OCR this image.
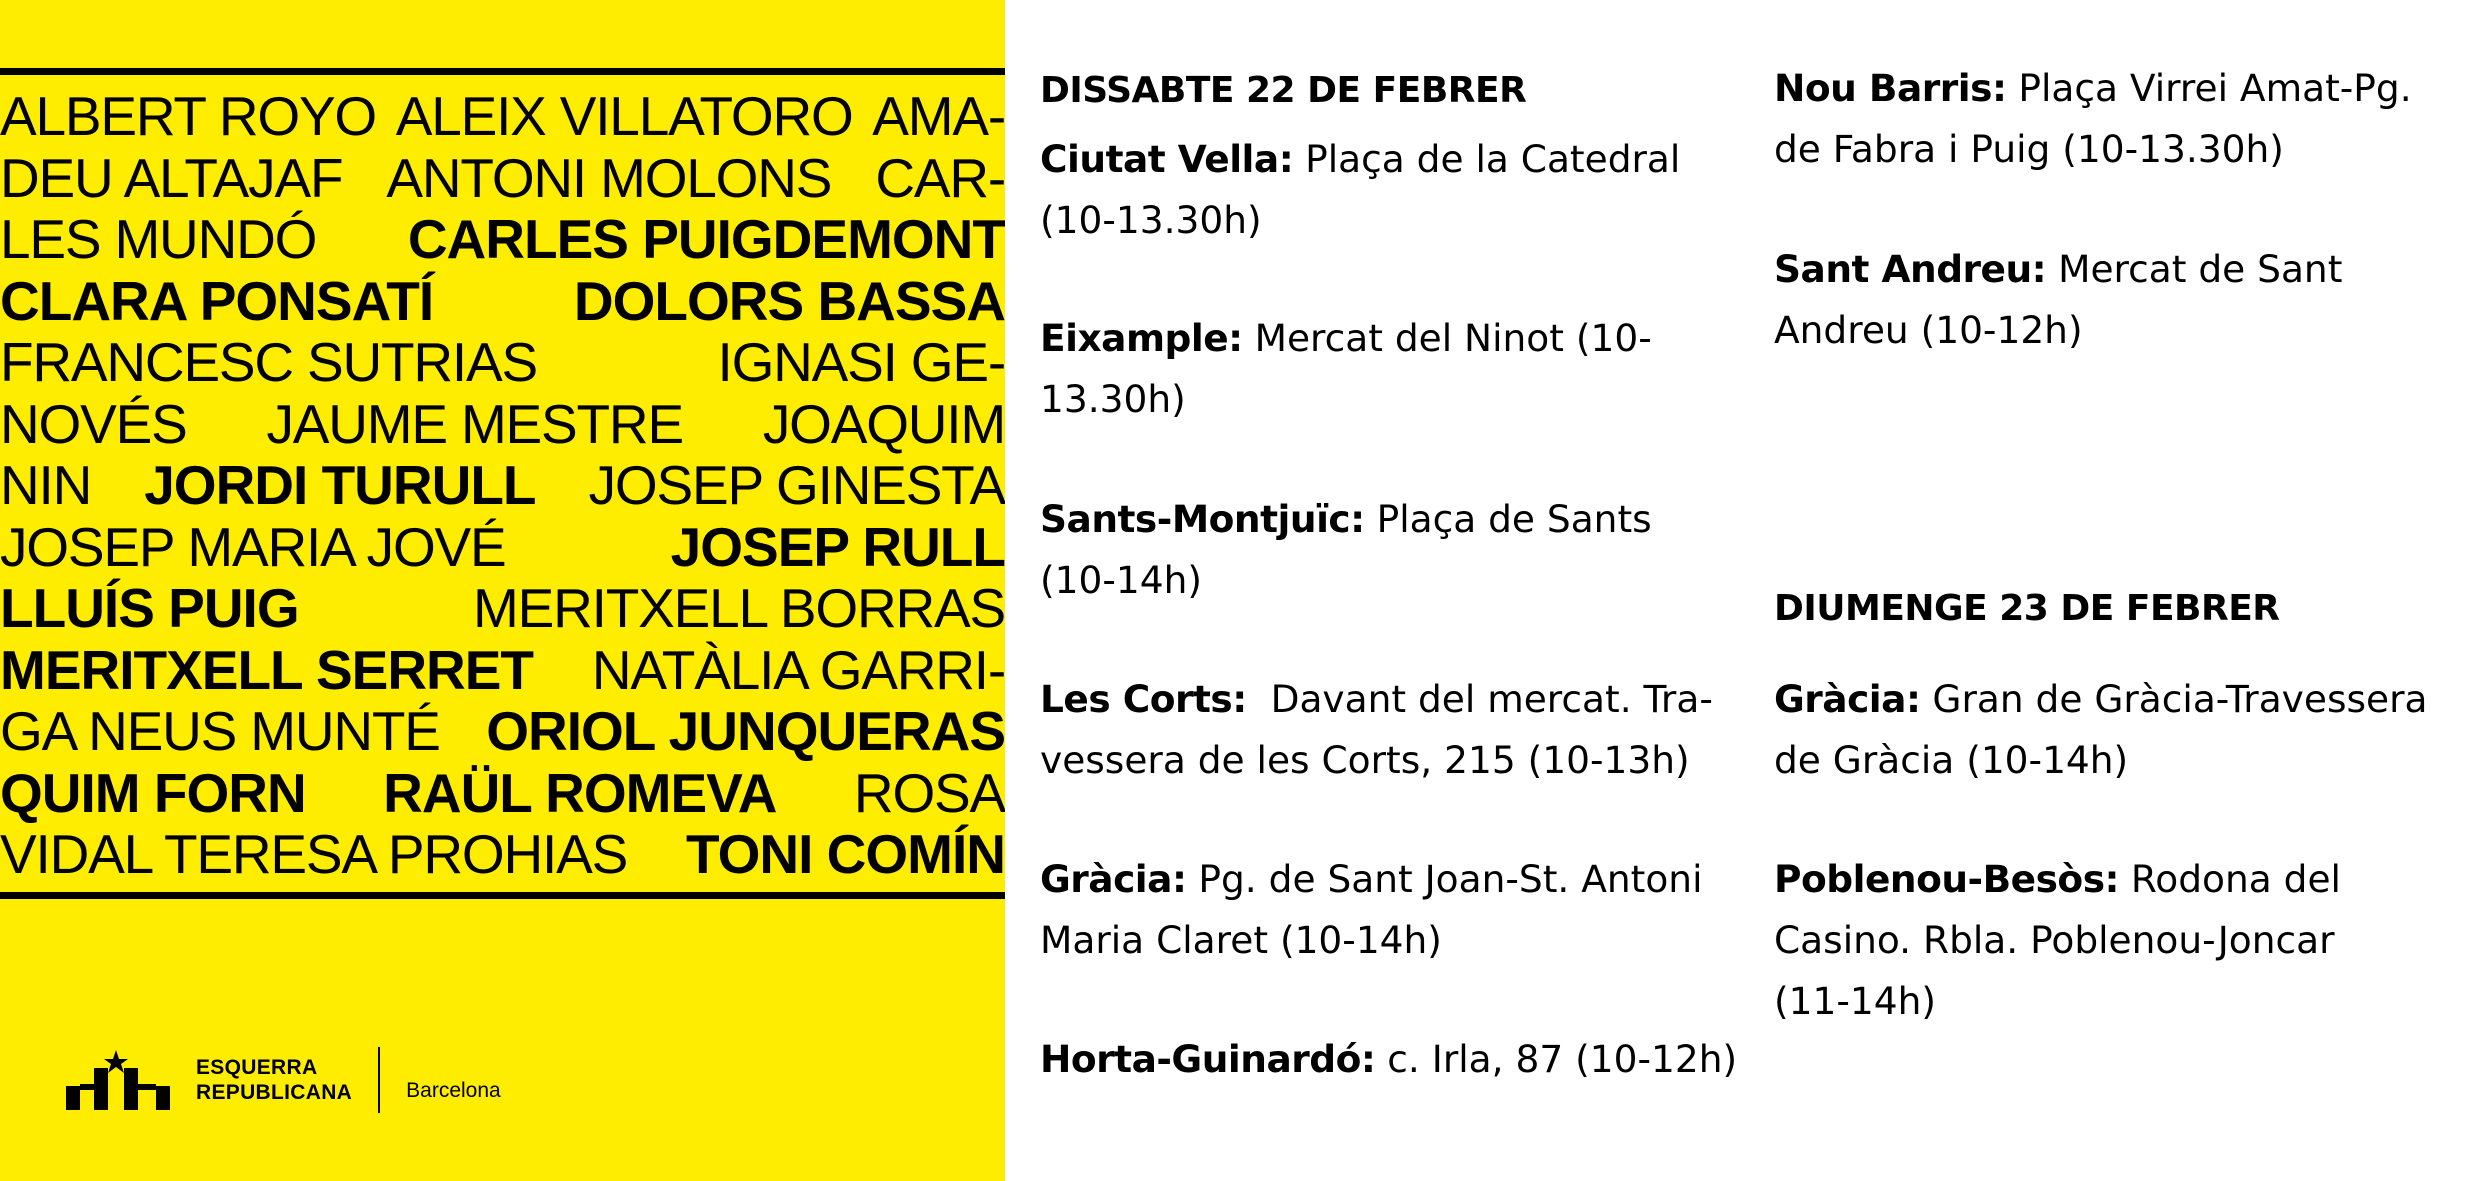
ALBERT ROYO ALEIX VILLATORO AMA-
DEU ALTAJAF ANTONI MOLONS CAR-
LES MUNDÓ CARLES PUIGDEMONT
CLARA PONSATÍ	DOLORS BASSA
FRANCESC SUTRIAS	IGNASI GE-
NOVÉS JAUME MESTRE JOAQUIM
NIN JORDI TURULL JOSEP GINESTA
JOSEP MARIA JOVÉ	JOSEP RULL
LLUÍS PUIG	MERITXELL BORRAS
MERITXELL SERRET NATÀLIA GARRI-
GA NEUS MUNTÉ ORIOL JUNQUERAS
QUIM FORN RAÜL ROMEVA ROSA
VIDAL TERESA PROHIAS TONI COMÍN
ESQUERRA
REPUBLICANA	Barcelona
DISSABTE 22 DE FEBRER
Ciutat Vella: Plaça de la Catedral
(10-13.30h)
Eixample: Mercat del Ninot (10-
13.30h)
Sants-Montjuïc: Plaça de Sants
(10-14h)
Les Corts:  Davant del mercat. Tra-
vessera de les Corts, 215 (10-13h)
Gràcia: Pg. de Sant Joan-St. Antoni
Maria Claret (10-14h)
Horta-Guinardó: c. Irla, 87 (10-12h)
Nou Barris: Plaça Virrei Amat-Pg.
de Fabra i Puig (10-13.30h)
Sant Andreu: Mercat de Sant
Andreu (10-12h)
DIUMENGE 23 DE FEBRER
Gràcia: Gran de Gràcia-Travessera
de Gràcia (10-14h)
Poblenou-Besòs: Rodona del
Casino. Rbla. Poblenou-Joncar
(11-14h)
